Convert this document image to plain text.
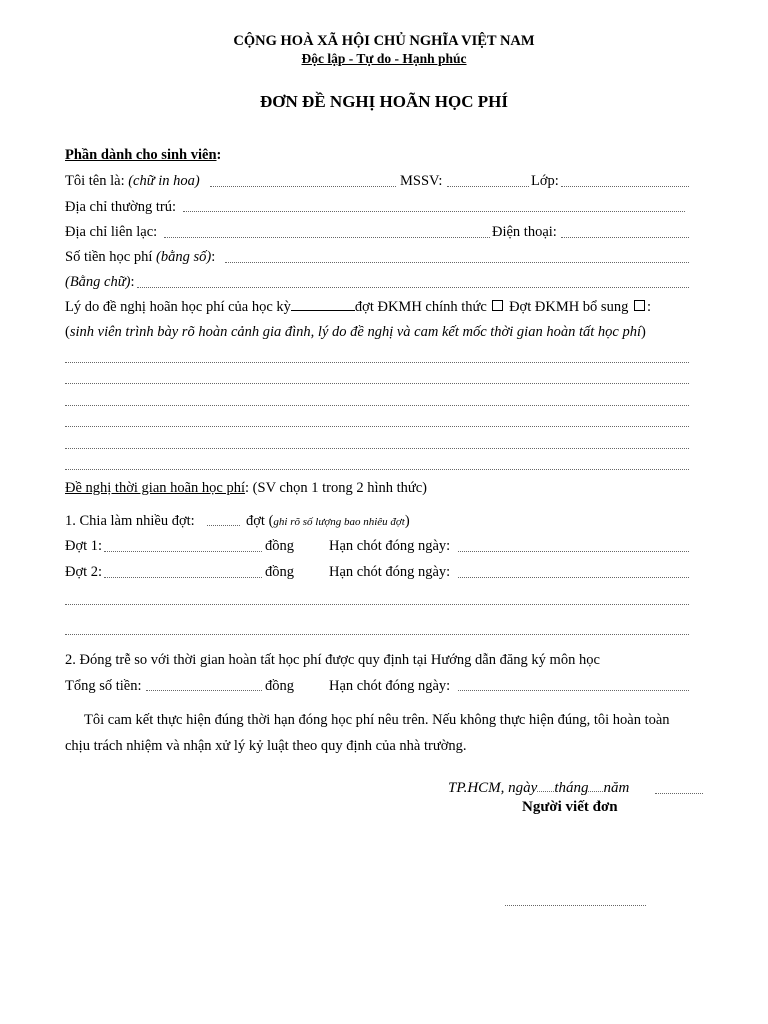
CỘNG HOÀ XÃ HỘI CHỦ NGHĨA VIỆT NAM
Độc lập - Tự do - Hạnh phúc
ĐƠN ĐỀ NGHỊ HOÃN HỌC PHÍ
Phần dành cho sinh viên:
Tôi tên là: (chữ in hoa)	MSSV:	Lớp:
Địa chỉ thường trú:
Địa chỉ liên lạc:	Điện thoại:
Số tiền học phí (bằng số):
(Bằng chữ):
Lý do đề nghị hoãn học phí của học kỳ	đợt ĐKMH chính thức Đợt ĐKMH bổ sung :
(sinh viên trình bày rõ hoàn cảnh gia đình, lý do đề nghị và cam kết mốc thời gian hoàn tất học phí)
Đề nghị thời gian hoãn học phí: (SV chọn 1 trong 2 hình thức)
1. Chia làm nhiều đợt:	đợt (ghi rõ số lượng bao nhiêu đợt)
Đợt 1:	đồng Hạn chót đóng ngày:
Đợt 2:	đồng Hạn chót đóng ngày:
2. Đóng trễ so với thời gian hoàn tất học phí được quy định tại Hướng dẫn đăng ký môn học
Tổng số tiền:	đồng Hạn chót đóng ngày:
Tôi cam kết thực hiện đúng thời hạn đóng học phí nêu trên. Nếu không thực hiện đúng, tôi hoàn toàn
chịu trách nhiệm và nhận xử lý kỷ luật theo quy định của nhà trường.
TP.HCM, ngày tháng năm
Người viết đơn
